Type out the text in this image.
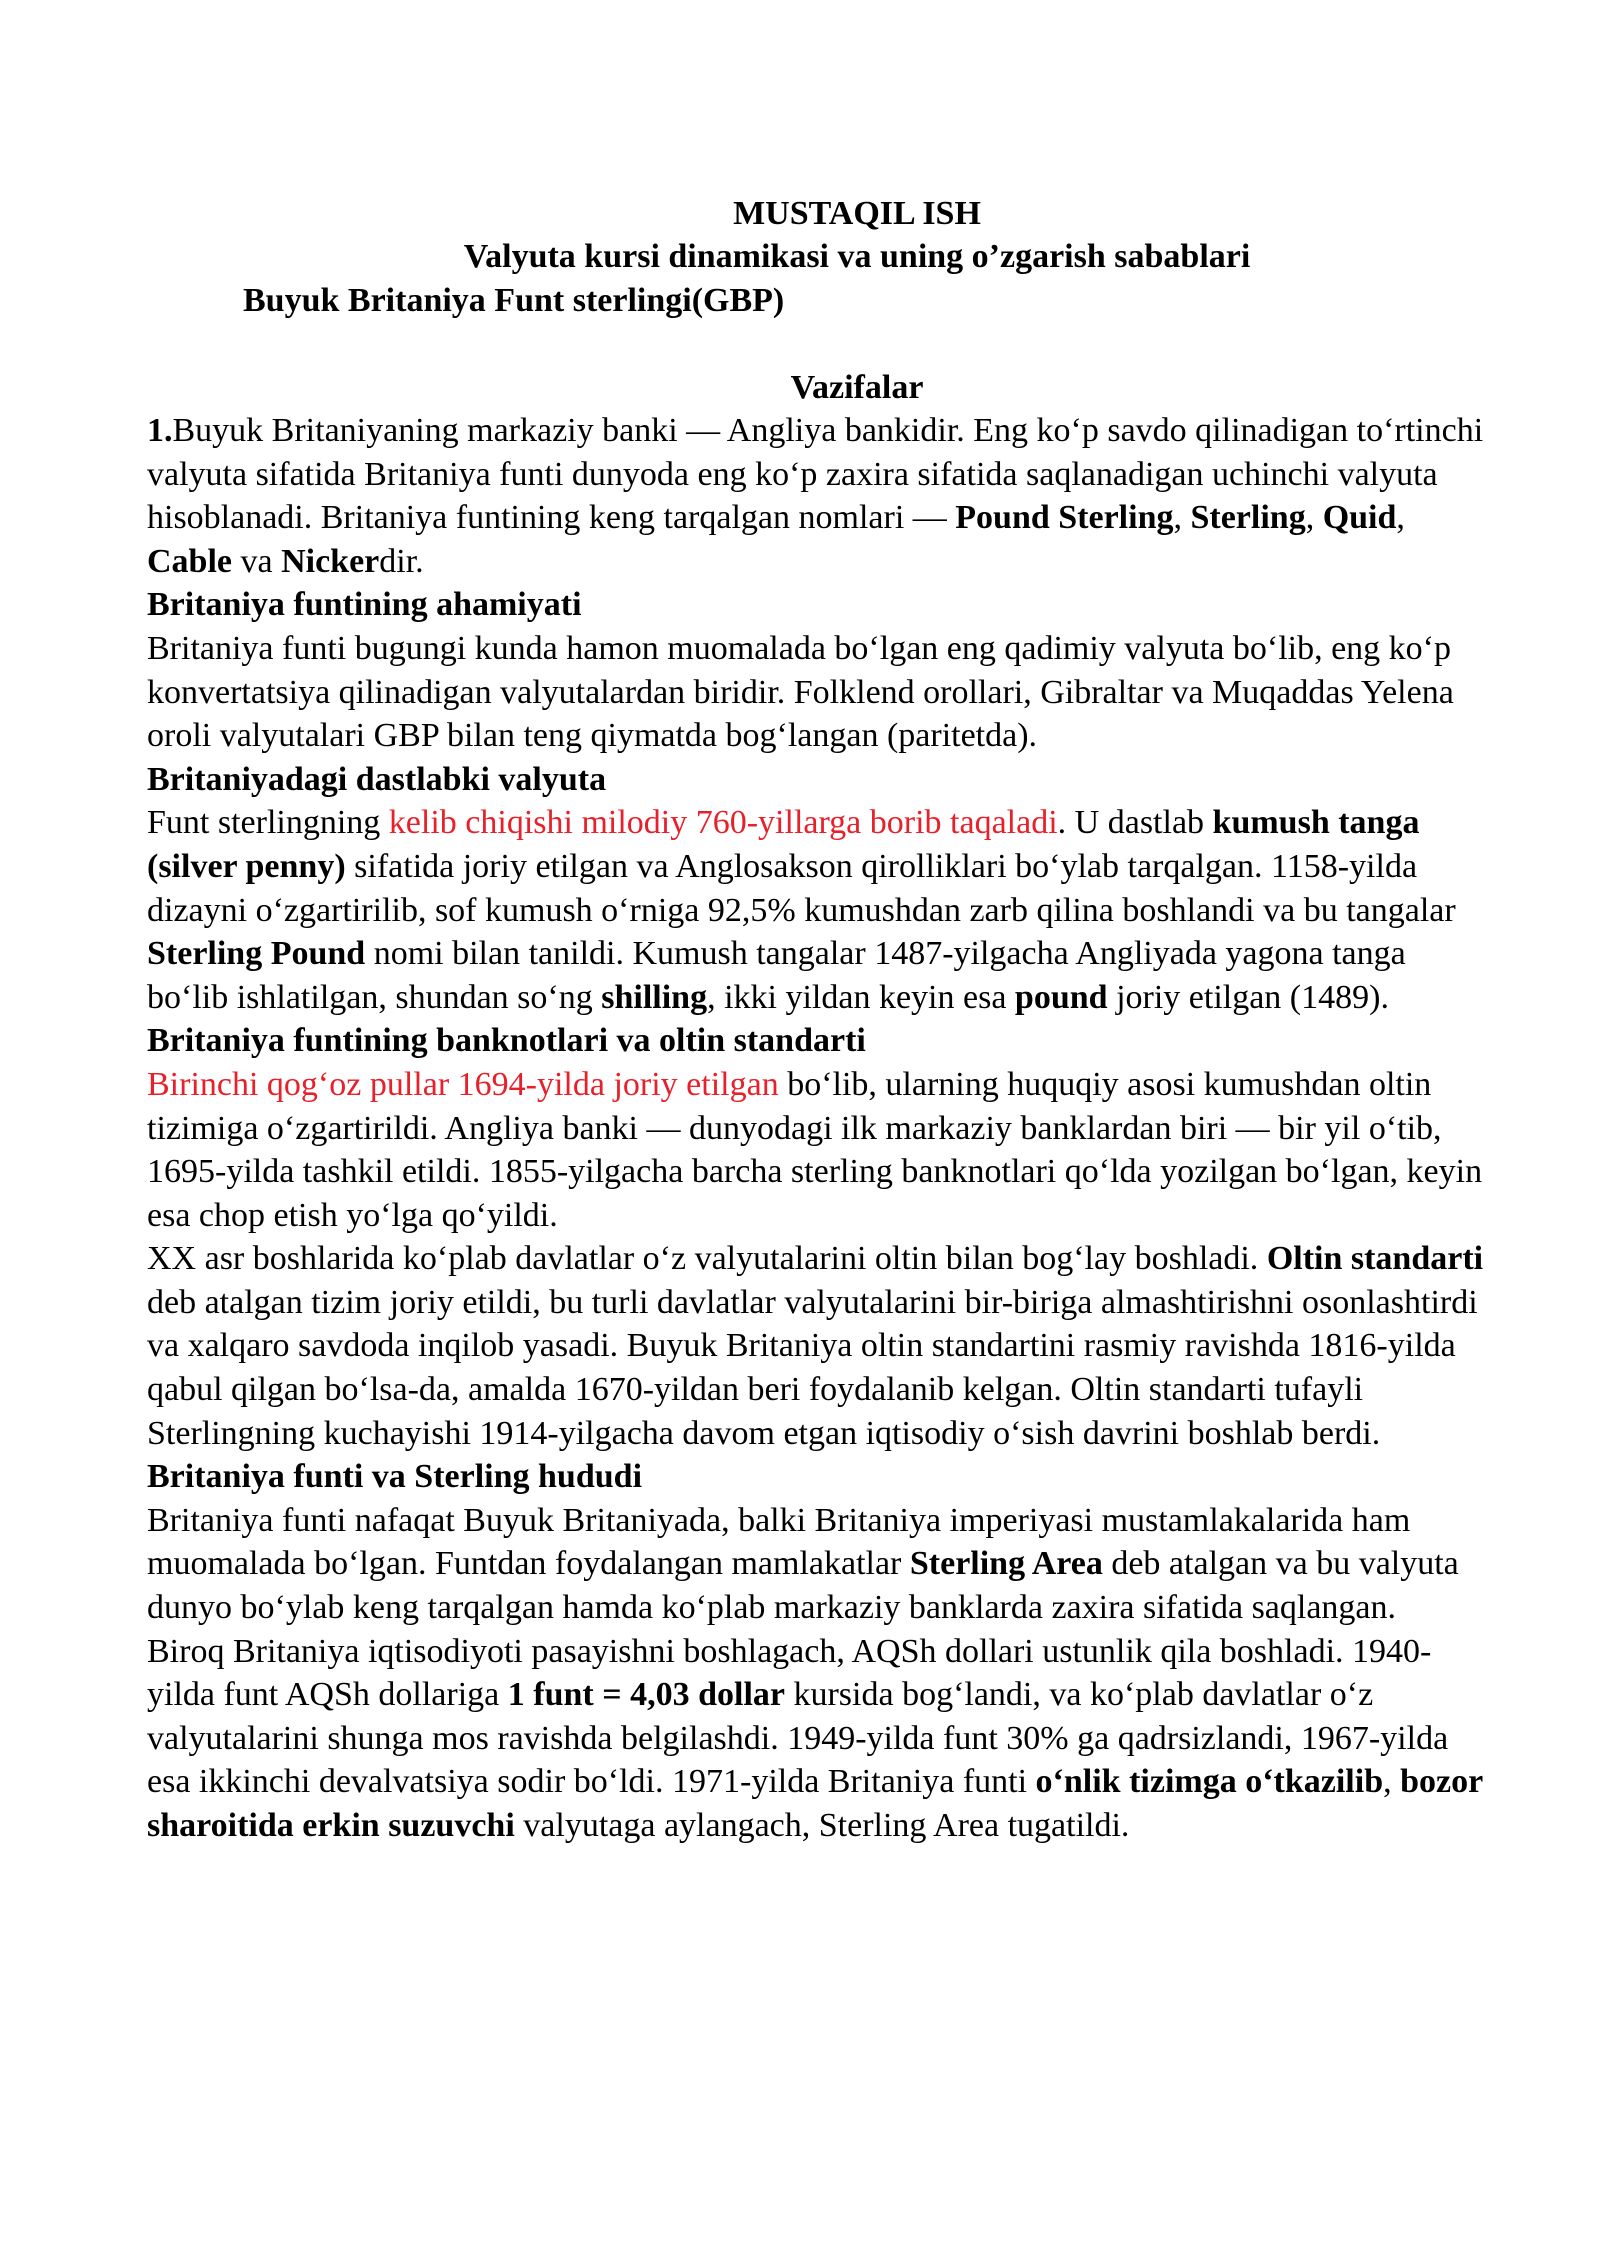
MUSTAQIL ISH
Valyuta kursi dinamikasi va uning o’zgarish sabablari
Buyuk Britaniya Funt sterlingi(GBP)
Vazifalar

1.Buyuk Britaniyaning markaziy banki — Angliya bankidir. Eng koʻp savdo qilinadigan toʻrtinchi valyuta sifatida Britaniya funti dunyoda eng koʻp zaxira sifatida saqlanadigan uchinchi valyuta hisoblanadi. Britaniya funtining keng tarqalgan nomlari — Pound Sterling, Sterling, Quid, Cable va Nickerdir.

Britaniya funtining ahamiyati

Britaniya funti bugungi kunda hamon muomalada boʻlgan eng qadimiy valyuta boʻlib, eng koʻp konvertatsiya qilinadigan valyutalardan biridir. Folklend orollari, Gibraltar va Muqaddas Yelena oroli valyutalari GBP bilan teng qiymatda bogʻlangan (paritetda).

Britaniyadagi dastlabki valyuta

Funt sterlingning kelib chiqishi milodiy 760-yillarga borib taqaladi. U dastlab kumush tanga (silver penny) sifatida joriy etilgan va Anglosakson qirolliklari boʻylab tarqalgan. 1158-yilda dizayni oʻzgartirilib, sof kumush oʻrniga 92,5% kumushdan zarb qilina boshlandi va bu tangalar Sterling Pound nomi bilan tanildi. Kumush tangalar 1487-yilgacha Angliyada yagona tanga boʻlib ishlatilgan, shundan soʻng shilling, ikki yildan keyin esa pound joriy etilgan (1489).

Britaniya funtining banknotlari va oltin standarti

Birinchi qogʻoz pullar 1694-yilda joriy etilgan boʻlib, ularning huquqiy asosi kumushdan oltin tizimiga oʻzgartirildi. Angliya banki — dunyodagi ilk markaziy banklardan biri — bir yil oʻtib, 1695-yilda tashkil etildi. 1855-yilgacha barcha sterling banknotlari qoʻlda yozilgan boʻlgan, keyin esa chop etish yoʻlga qoʻyildi.

XX asr boshlarida koʻplab davlatlar oʻz valyutalarini oltin bilan bogʻlay boshladi. Oltin standarti deb atalgan tizim joriy etildi, bu turli davlatlar valyutalarini bir-biriga almashtirishni osonlashtirdi va xalqaro savdoda inqilob yasadi. Buyuk Britaniya oltin standartini rasmiy ravishda 1816-yilda qabul qilgan boʻlsa-da, amalda 1670-yildan beri foydalanib kelgan. Oltin standarti tufayli Sterlingning kuchayishi 1914-yilgacha davom etgan iqtisodiy oʻsish davrini boshlab berdi.

Britaniya funti va Sterling hududi

Britaniya funti nafaqat Buyuk Britaniyada, balki Britaniya imperiyasi mustamlakalarida ham muomalada boʻlgan. Funtdan foydalangan mamlakatlar Sterling Area deb atalgan va bu valyuta dunyo boʻylab keng tarqalgan hamda koʻplab markaziy banklarda zaxira sifatida saqlangan.

Biroq Britaniya iqtisodiyoti pasayishni boshlagach, AQSh dollari ustunlik qila boshladi. 1940-yilda funt AQSh dollariga 1 funt = 4,03 dollar kursida bogʻlandi, va koʻplab davlatlar oʻz valyutalarini shunga mos ravishda belgilashdi. 1949-yilda funt 30% ga qadrsizlandi, 1967-yilda esa ikkinchi devalvatsiya sodir boʻldi. 1971-yilda Britaniya funti oʻnlik tizimga oʻtkazilib, bozor sharoitida erkin suzuvchi valyutaga aylangach, Sterling Area tugatildi.
